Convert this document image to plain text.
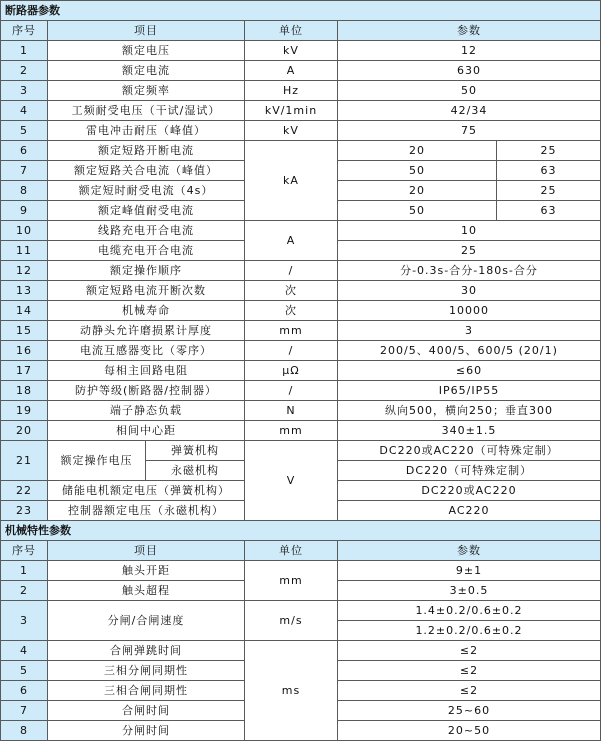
断路器参数					
序号	项目		单位	参数	
1	额定电压		kV	12	
2	额定电流		A	630	
3	额定频率		Hz	50	
4	工频耐受电压（干试/湿试）		kV/1min	42/34	
5	雷电冲击耐压（峰值）		kV	75	
6	额定短路开断电流		kA	20	25
7	额定短路关合电流（峰值）			50	63
8	额定短时耐受电流（4s）			20	25
9	额定峰值耐受电流			50	63
10	线路充电开合电流		A	10	
11	电缆充电开合电流			25	
12	额定操作顺序		/	分-0.3s-合分-180s-合分	
13	额定短路电流开断次数		次	30	
14	机械寿命		次	10000	
15	动静头允许磨损累计厚度		mm	3	
16	电流互感器变比（零序）		/	200/5、400/5、600/5 (20/1)	
17	每相主回路电阻		μΩ	≤60	
18	防护等级(断路器/控制器）		/	IP65/IP55	
19	端子静态负载		N	纵向500，横向250；垂直300	
20	相间中心距		mm	340±1.5	
21	额定操作电压	弹簧机构	V	DC220或AC220（可特殊定制）	
		永磁机构		DC220（可特殊定制）	
22	储能电机额定电压（弹簧机构）			DC220或AC220	
23	控制器额定电压（永磁机构）			AC220	
机械特性参数					
序号	项目		单位	参数	
1	触头开距		mm	9±1	
2	触头超程			3±0.5	
3	分闸/合闸速度		m/s	1.4±0.2/0.6±0.2	
				1.2±0.2/0.6±0.2	
4	合闸弹跳时间		ms	≤2	
5	三相分闸同期性			≤2	
6	三相合闸同期性			≤2	
7	合闸时间			25~60	
8	分闸时间			20~50	
